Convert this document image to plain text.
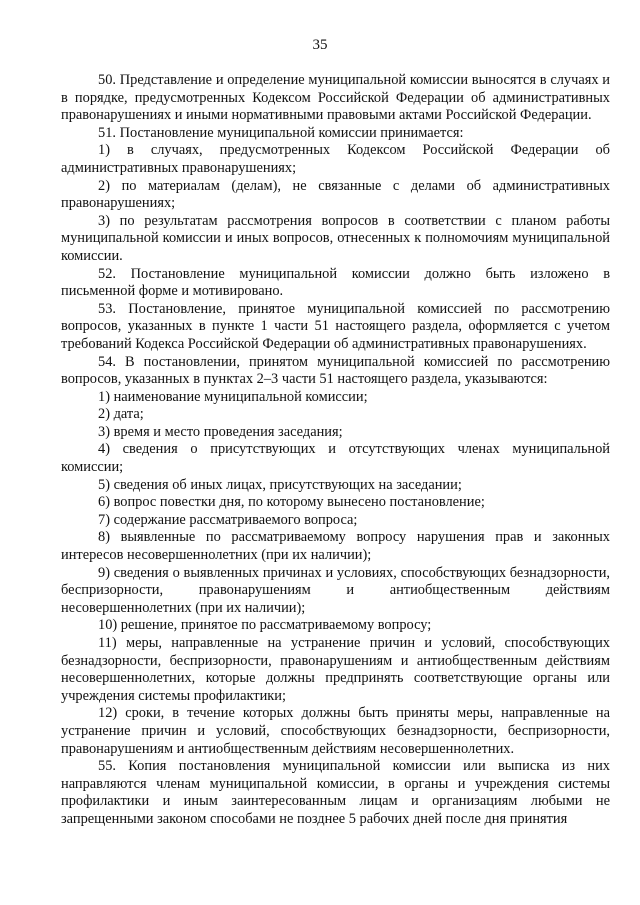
35

50. Представление и определение муниципальной комиссии выносятся в случаях и в порядке, предусмотренных Кодексом Российской Федерации об административных правонарушениях и иными нормативными правовыми актами Российской Федерации.

51. Постановление муниципальной комиссии принимается:

1) в случаях, предусмотренных Кодексом Российской Федерации об административных правонарушениях;

2) по материалам (делам), не связанные с делами об административных правонарушениях;

3) по результатам рассмотрения вопросов в соответствии с планом работы муниципальной комиссии и иных вопросов, отнесенных к полномочиям муниципальной комиссии.

52. Постановление муниципальной комиссии должно быть изложено в письменной форме и мотивировано.

53. Постановление, принятое муниципальной комиссией по рассмотрению вопросов, указанных в пункте 1 части 51 настоящего раздела, оформляется с учетом требований Кодекса Российской Федерации об административных правонарушениях.

54. В постановлении, принятом муниципальной комиссией по рассмотрению вопросов, указанных в пунктах 2–3 части 51 настоящего раздела, указываются:

1) наименование муниципальной комиссии;

2) дата;

3) время и место проведения заседания;

4) сведения о присутствующих и отсутствующих членах муниципальной комиссии;

5) сведения об иных лицах, присутствующих на заседании;

6) вопрос повестки дня, по которому вынесено постановление;

7) содержание рассматриваемого вопроса;

8) выявленные по рассматриваемому вопросу нарушения прав и законных интересов несовершеннолетних (при их наличии);

9) сведения о выявленных причинах и условиях, способствующих безнадзорности, беспризорности, правонарушениям и антиобщественным действиям несовершеннолетних (при их наличии);

10) решение, принятое по рассматриваемому вопросу;

11) меры, направленные на устранение причин и условий, способствующих безнадзорности, беспризорности, правонарушениям и антиобщественным действиям несовершеннолетних, которые должны предпринять соответствующие органы или учреждения системы профилактики;

12) сроки, в течение которых должны быть приняты меры, направленные на устранение причин и условий, способствующих безнадзорности, беспризорности, правонарушениям и антиобщественным действиям несовершеннолетних.

55. Копия постановления муниципальной комиссии или выписка из них направляются членам муниципальной комиссии, в органы и учреждения системы профилактики и иным заинтересованным лицам и организациям любыми не запрещенными законом способами не позднее 5 рабочих дней после дня принятия
